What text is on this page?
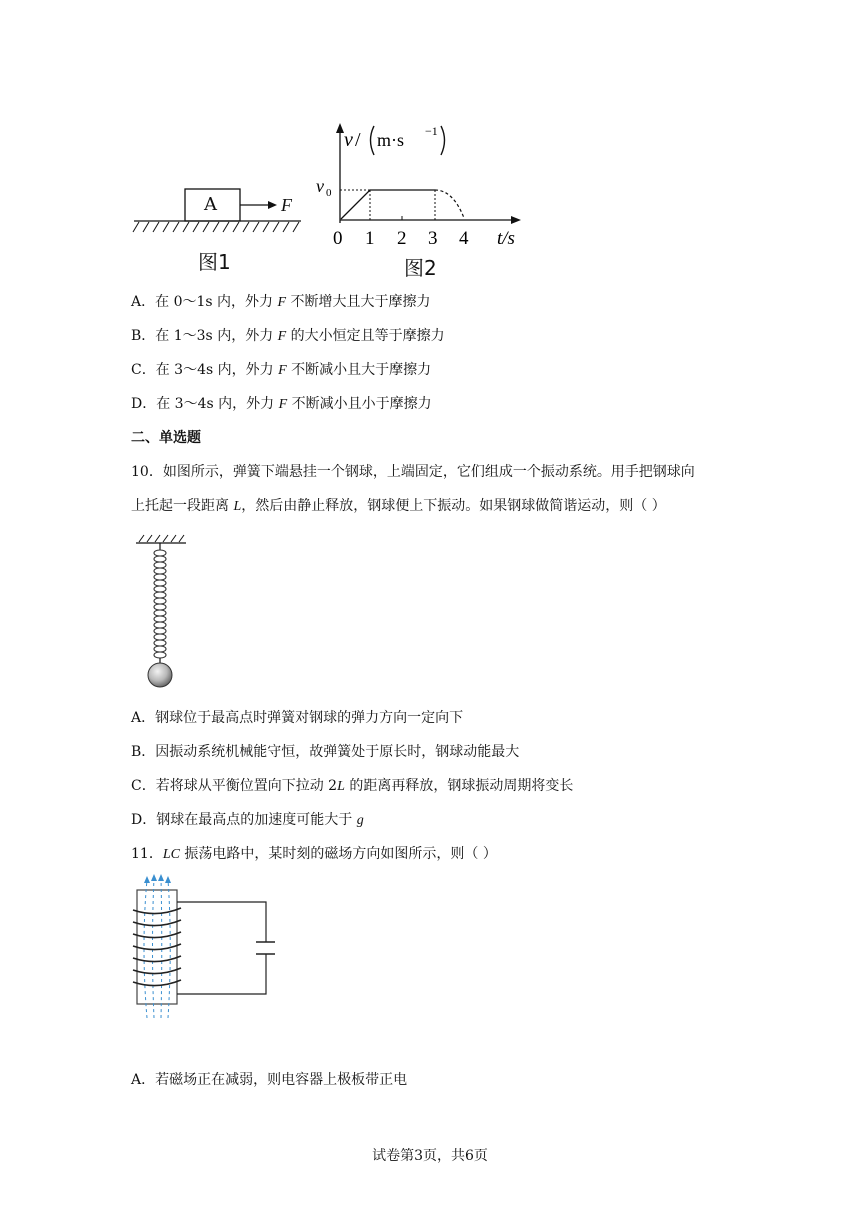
A	F
图1
v / m·s −1
v 0
0 1 2 3 4 t/s
图2
A．在 0～1s 内，外力 F 不断增大且大于摩擦力
B．在 1～3s 内，外力 F 的大小恒定且等于摩擦力
C．在 3～4s 内，外力 F 不断减小且大于摩擦力
D．在 3～4s 内，外力 F 不断减小且小于摩擦力
二、单选题
10．如图所示，弹簧下端悬挂一个钢球，上端固定，它们组成一个振动系统。用手把钢球向
上托起一段距离 L，然后由静止释放，钢球便上下振动。如果钢球做简谐运动，则（ ）
A．钢球位于最高点时弹簧对钢球的弹力方向一定向下
B．因振动系统机械能守恒，故弹簧处于原长时，钢球动能最大
C．若将球从平衡位置向下拉动 2L 的距离再释放，钢球振动周期将变长
D．钢球在最高点的加速度可能大于 g
11．LC 振荡电路中，某时刻的磁场方向如图所示，则（ ）
A．若磁场正在减弱，则电容器上极板带正电
试卷第3页，共6页
